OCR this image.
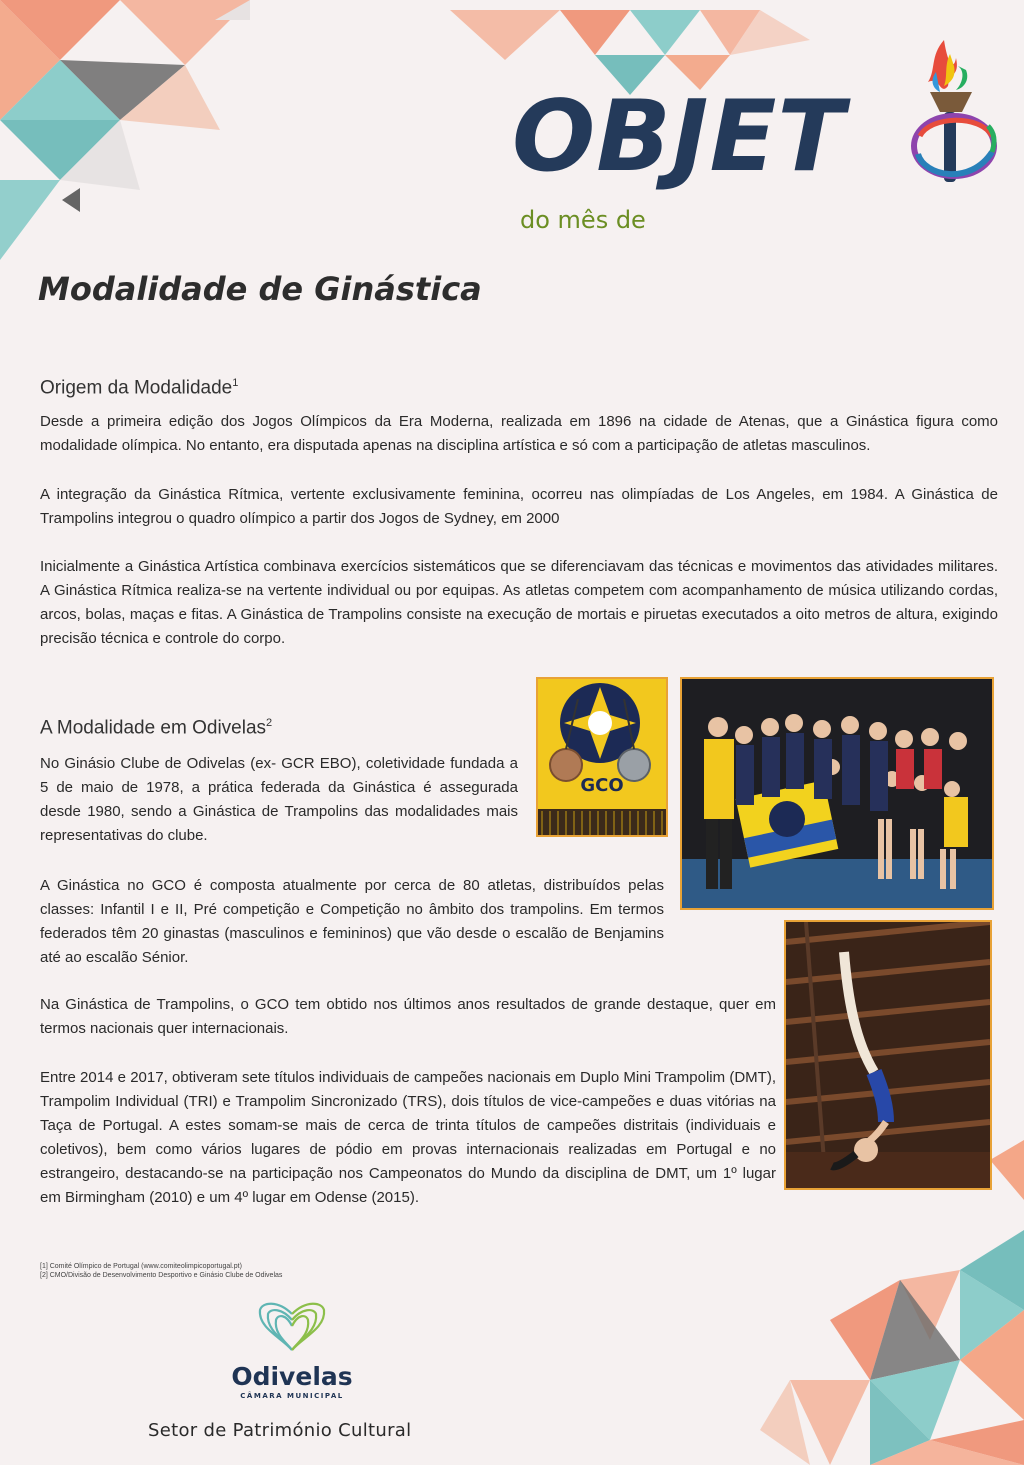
OBJET
do mês de
Modalidade de Ginástica
Origem da Modalidade$^1$

Desde a primeira edição dos Jogos Olímpicos da Era Moderna, realizada em 1896 na cidade de Atenas, que a Ginástica figura como modalidade olímpica. No entanto, era disputada apenas na disciplina artística e só com a participação de atletas masculinos.

A integração da Ginástica Rítmica, vertente exclusivamente feminina, ocorreu nas olimpíadas de Los Angeles, em 1984. A Ginástica de Trampolins integrou o quadro olímpico a partir dos Jogos de Sydney, em 2000

Inicialmente a Ginástica Artística combinava exercícios sistemáticos que se diferenciavam das técnicas e movimentos das atividades militares. A Ginástica Rítmica realiza-se na vertente individual ou por equipas. As atletas competem com acompanhamento de música utilizando cordas, arcos, bolas, maças e fitas. A Ginástica de Trampolins consiste na execução de mortais e piruetas executados a oito metros de altura, exigindo precisão técnica e controle do corpo.

A Modalidade em Odivelas$^2$

No Ginásio Clube de Odivelas (ex- GCR EBO), coletividade fundada a 5 de maio de 1978, a prática federada da Ginástica é assegurada desde 1980, sendo a Ginástica de Trampolins das modalidades mais representativas do clube.

A Ginástica no GCO é composta atualmente por cerca de 80 atletas, distribuídos pelas classes: Infantil I e II, Pré competição e Competição no âmbito dos trampolins. Em termos federados têm 20 ginastas (masculinos e femininos) que vão desde o escalão de Benjamins até ao escalão Sénior.

Na Ginástica de Trampolins, o GCO tem obtido nos últimos anos resultados de grande destaque, quer em termos nacionais quer internacionais.

Entre 2014 e 2017, obtiveram sete títulos individuais de campeões nacionais em Duplo Mini Trampolim (DMT), Trampolim Individual (TRI) e Trampolim Sincronizado (TRS), dois títulos de vice-campeões e duas vitórias na Taça de Portugal. A estes somam-se mais de cerca de trinta títulos de campeões distritais (individuais e coletivos), bem como vários lugares de pódio em provas internacionais realizadas em Portugal e no estrangeiro, destacando-se na participação nos Campeonatos do Mundo da disciplina de DMT, um 1º lugar em Birmingham (2010) e um 4º lugar em Odense (2015).

GCO

[1] Comité Olímpico de Portugal (www.comiteolimpicoportugal.pt)

[2] CMO/Divisão de Desenvolvimento Desportivo e Ginásio Clube de Odivelas

Odivelas
CÂMARA MUNICIPAL
Setor de Património Cultural
